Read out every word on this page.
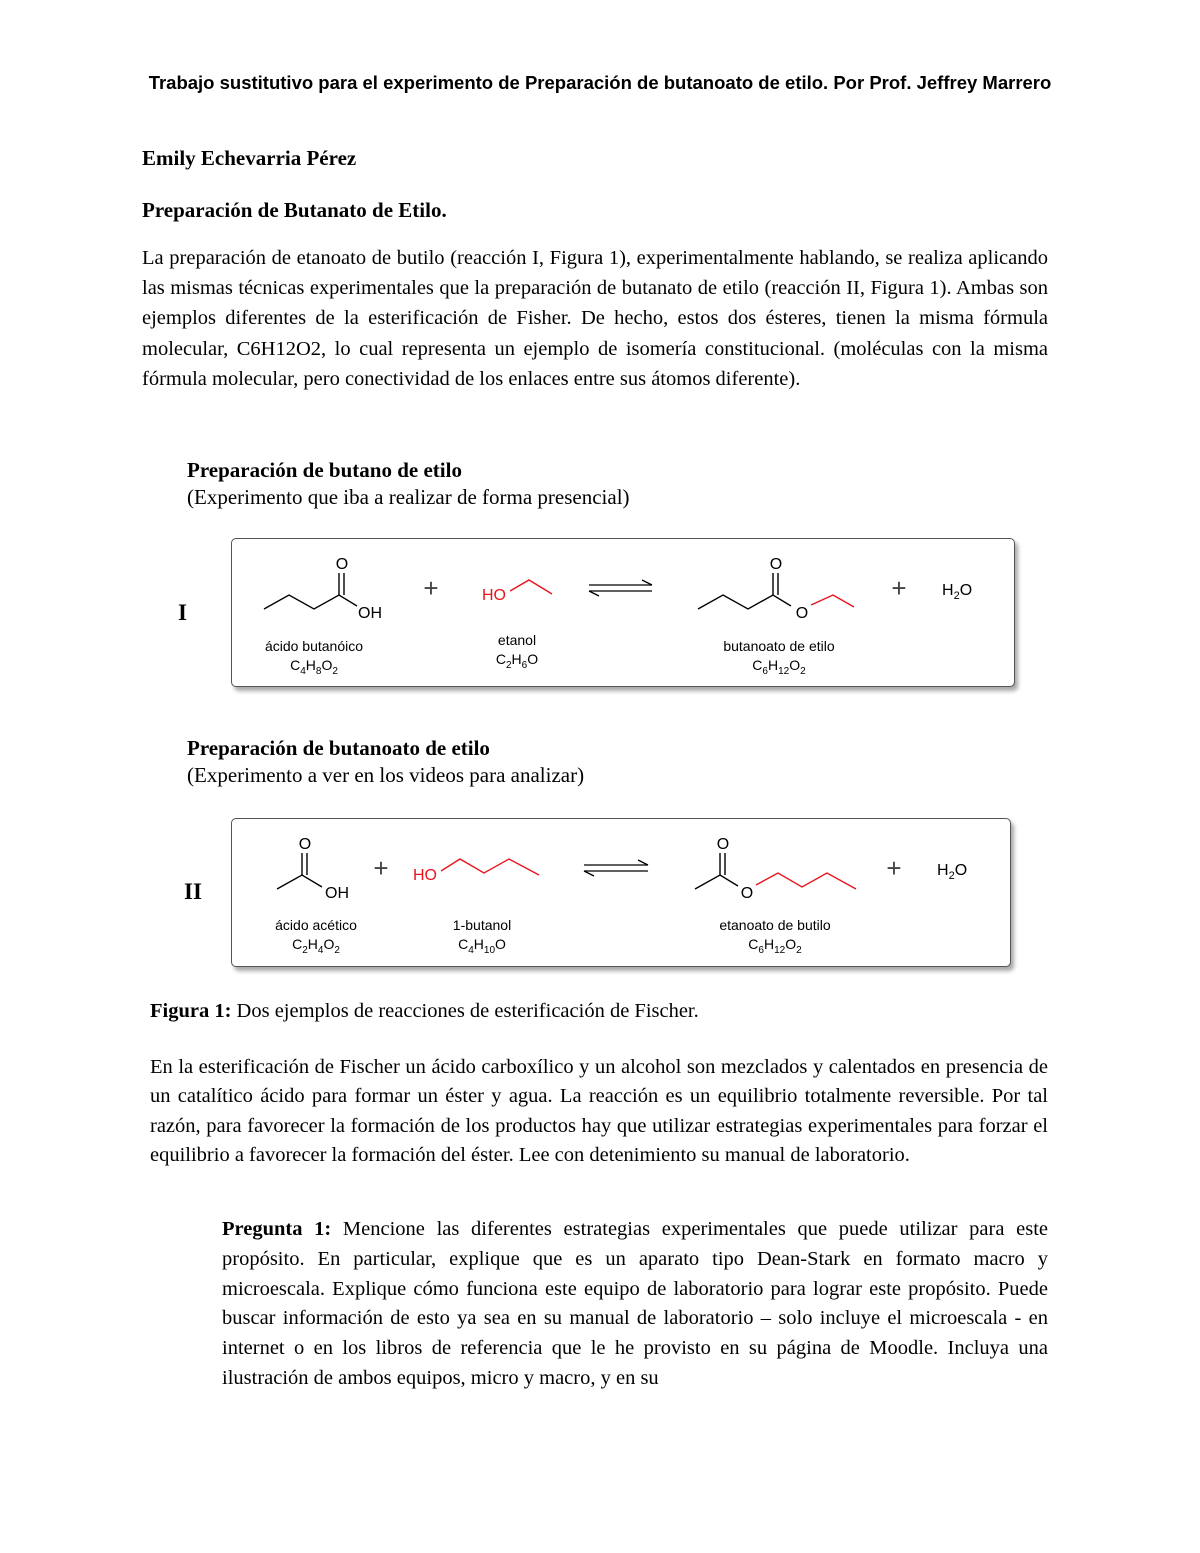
Trabajo sustitutivo para el experimento de Preparación de butanoato de etilo. Por Prof. Jeffrey Marrero
Emily Echevarria Pérez
Preparación de Butanato de Etilo.
La preparación de etanoato de butilo (reacción I, Figura 1), experimentalmente hablando, se realiza aplicando las mismas técnicas experimentales que la preparación de butanato de etilo (reacción II, Figura 1). Ambas son ejemplos diferentes de la esterificación de Fisher. De hecho, estos dos ésteres, tienen la misma fórmula molecular, C6H12O2, lo cual representa un ejemplo de isomería constitucional. (moléculas con la misma fórmula molecular, pero conectividad de los enlaces entre sus átomos diferente).
Preparación de butano de etilo
(Experimento que iba a realizar de forma presencial)
I
O
OH
ácido butanóico
$C_4H_8O_2$
+	HO
etanol
$C_2H_6O$
O
O
butanoato de etilo
$C_6H_{12}O_2$
+ $H_2O$
Preparación de butanoato de etilo
(Experimento a ver en los videos para analizar)
II
O
OH
ácido acético
$C_2H_4O_2$
+ HO
1-butanol
$C_4H_{10}O$
O
O
etanoato de butilo
$C_6H_{12}O_2$
+ $H_2O$
Figura 1: Dos ejemplos de reacciones de esterificación de Fischer.
En la esterificación de Fischer un ácido carboxílico y un alcohol son mezclados y calentados en presencia de un catalítico ácido para formar un éster y agua. La reacción es un equilibrio totalmente reversible. Por tal razón, para favorecer la formación de los productos hay que utilizar estrategias experimentales para forzar el equilibrio a favorecer la formación del éster. Lee con detenimiento su manual de laboratorio.
Pregunta 1: Mencione las diferentes estrategias experimentales que puede utilizar para este propósito. En particular, explique que es un aparato tipo Dean-Stark en formato macro y microescala. Explique cómo funciona este equipo de laboratorio para lograr este propósito. Puede buscar información de esto ya sea en su manual de laboratorio – solo incluye el microescala - en internet o en los libros de referencia que le he provisto en su página de Moodle. Incluya una ilustración de ambos equipos, micro y macro, y en su
